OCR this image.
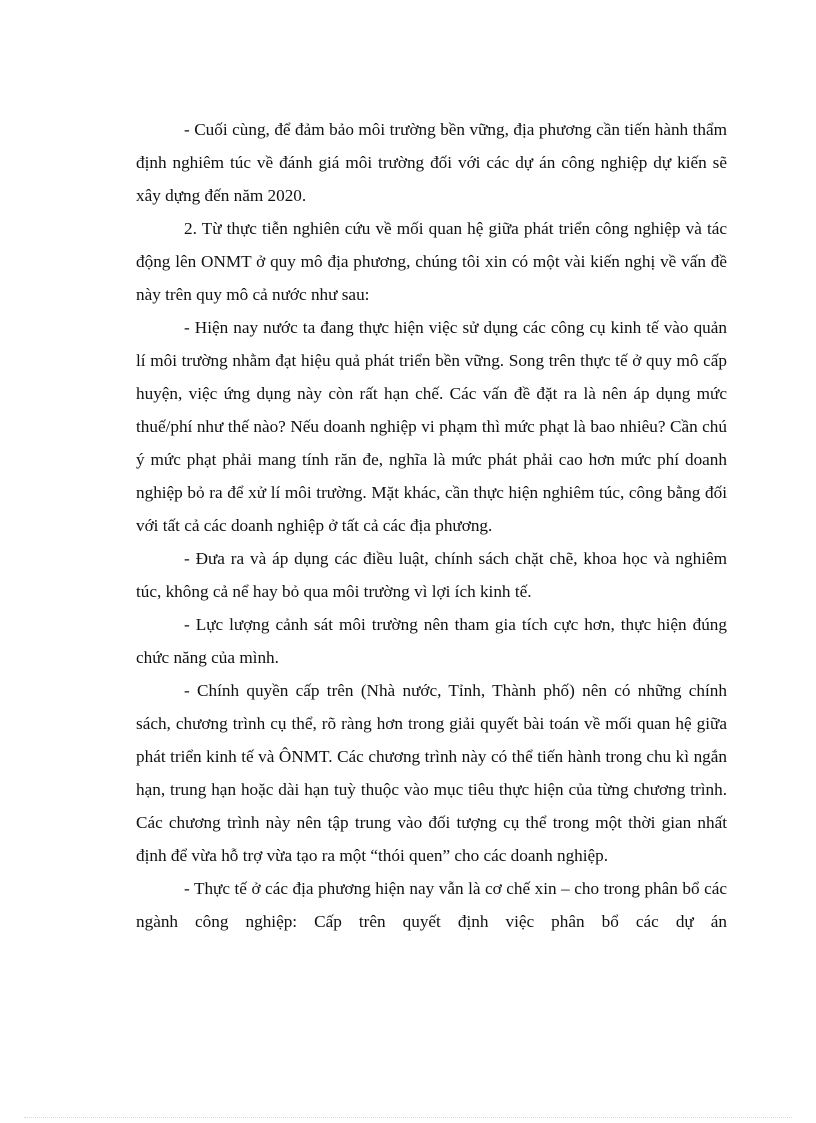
- Cuối cùng, để đảm bảo môi trường bền vững, địa phương cần tiến hành thẩm định nghiêm túc về đánh giá môi trường đối với các dự án công nghiệp dự kiến sẽ xây dựng đến năm 2020.

2. Từ thực tiễn nghiên cứu về mối quan hệ giữa phát triển công nghiệp và tác động lên ONMT ở quy mô địa phương, chúng tôi xin có một vài kiến nghị về vấn đề này trên quy mô cả nước như sau:

- Hiện nay nước ta đang thực hiện việc sử dụng các công cụ kinh tế vào quản lí môi trường nhằm đạt hiệu quả phát triển bền vững. Song trên thực tế ở quy mô cấp huyện, việc ứng dụng này còn rất hạn chế. Các vấn đề đặt ra là nên áp dụng mức thuế/phí như thế nào? Nếu doanh nghiệp vi phạm thì mức phạt là bao nhiêu? Cần chú ý mức phạt phải mang tính răn đe, nghĩa là mức phát phải cao hơn mức phí doanh nghiệp bỏ ra để xử lí môi trường. Mặt khác, cần thực hiện nghiêm túc, công bằng đối với tất cả các doanh nghiệp ở tất cả các địa phương.

- Đưa ra và áp dụng các điều luật, chính sách chặt chẽ, khoa học và nghiêm túc, không cả nể hay bỏ qua môi trường vì lợi ích kinh tế.

- Lực lượng cảnh sát môi trường nên tham gia tích cực hơn, thực hiện đúng chức năng của mình.

- Chính quyền cấp trên (Nhà nước, Tỉnh, Thành phố) nên có những chính sách, chương trình cụ thể, rõ ràng hơn trong giải quyết bài toán về mối quan hệ giữa phát triển kinh tế và ÔNMT. Các chương trình này có thể tiến hành trong chu kì ngắn hạn, trung hạn hoặc dài hạn tuỳ thuộc vào mục tiêu thực hiện của từng chương trình. Các chương trình này nên tập trung vào đối tượng cụ thể trong một thời gian nhất định để vừa hỗ trợ vừa tạo ra một “thói quen” cho các doanh nghiệp.

- Thực tế ở các địa phương hiện nay vẫn là cơ chế xin – cho trong phân bổ các ngành công nghiệp: Cấp trên quyết định việc phân bổ các dự án
